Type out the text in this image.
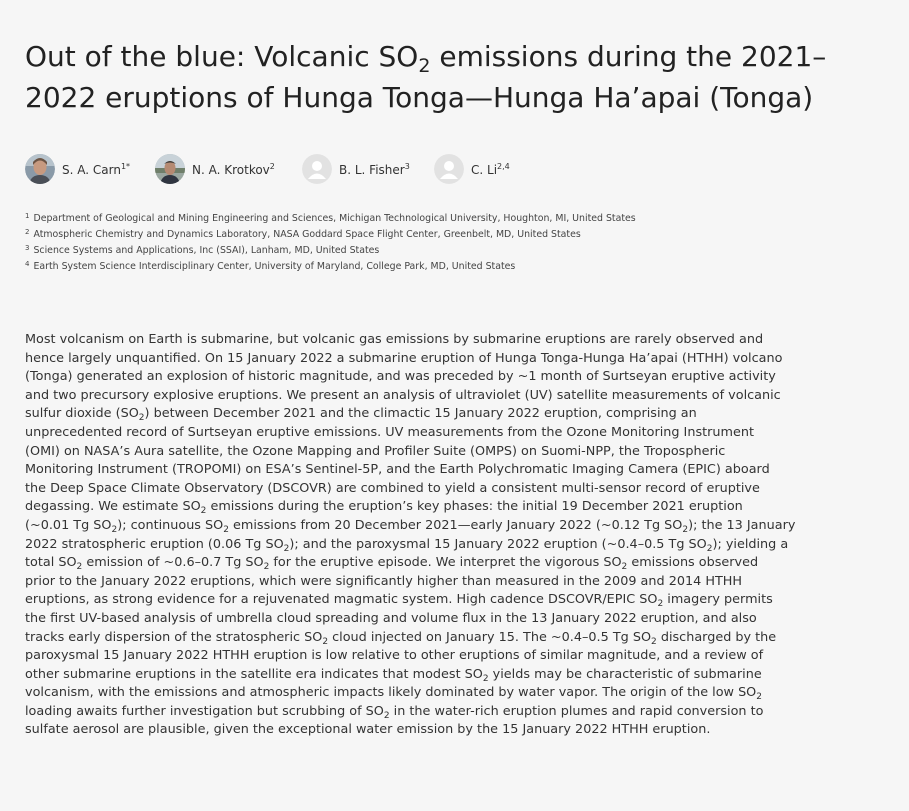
Out of the blue: Volcanic $SO_2$ emissions during the 2021–
2022 eruptions of Hunga Tonga—Hunga Ha’apai (Tonga)
S. A. Carn$^{1*}$	N. A. Krotkov$^2$	B. L. Fisher$^3$	C. Li$^{2,4}$
$^1$ Department of Geological and Mining Engineering and Sciences, Michigan Technological University, Houghton, MI, United States
$^2$ Atmospheric Chemistry and Dynamics Laboratory, NASA Goddard Space Flight Center, Greenbelt, MD, United States
$^3$ Science Systems and Applications, Inc (SSAI), Lanham, MD, United States
$^4$ Earth System Science Interdisciplinary Center, University of Maryland, College Park, MD, United States

Most volcanism on Earth is submarine, but volcanic gas emissions by submarine eruptions are rarely observed and
hence largely unquantified. On 15 January 2022 a submarine eruption of Hunga Tonga-Hunga Ha’apai (HTHH) volcano
(Tonga) generated an explosion of historic magnitude, and was preceded by ~1 month of Surtseyan eruptive activity
and two precursory explosive eruptions. We present an analysis of ultraviolet (UV) satellite measurements of volcanic
sulfur dioxide $(SO_2)$ between December 2021 and the climactic 15 January 2022 eruption, comprising an
unprecedented record of Surtseyan eruptive emissions. UV measurements from the Ozone Monitoring Instrument
(OMI) on NASA’s Aura satellite, the Ozone Mapping and Profiler Suite (OMPS) on Suomi-NPP, the Tropospheric
Monitoring Instrument (TROPOMI) on ESA’s Sentinel-5P, and the Earth Polychromatic Imaging Camera (EPIC) aboard
the Deep Space Climate Observatory (DSCOVR) are combined to yield a consistent multi-sensor record of eruptive
degassing. We estimate $SO_2$ emissions during the eruption’s key phases: the initial 19 December 2021 eruption
(~0.01 Tg $SO_2$); continuous $SO_2$ emissions from 20 December 2021—early January 2022 (~0.12 Tg $SO_2$); the 13 January
2022 stratospheric eruption (0.06 Tg $SO_2$); and the paroxysmal 15 January 2022 eruption (~0.4–0.5 Tg $SO_2$); yielding a
total $SO_2$ emission of ~0.6–0.7 Tg $SO_2$ for the eruptive episode. We interpret the vigorous $SO_2$ emissions observed
prior to the January 2022 eruptions, which were significantly higher than measured in the 2009 and 2014 HTHH
eruptions, as strong evidence for a rejuvenated magmatic system. High cadence DSCOVR/EPIC $SO_2$ imagery permits
the first UV-based analysis of umbrella cloud spreading and volume flux in the 13 January 2022 eruption, and also
tracks early dispersion of the stratospheric $SO_2$ cloud injected on January 15. The ~0.4–0.5 Tg $SO_2$ discharged by the
paroxysmal 15 January 2022 HTHH eruption is low relative to other eruptions of similar magnitude, and a review of
other submarine eruptions in the satellite era indicates that modest $SO_2$ yields may be characteristic of submarine
volcanism, with the emissions and atmospheric impacts likely dominated by water vapor. The origin of the low $SO_2$
loading awaits further investigation but scrubbing of $SO_2$ in the water-rich eruption plumes and rapid conversion to
sulfate aerosol are plausible, given the exceptional water emission by the 15 January 2022 HTHH eruption.
